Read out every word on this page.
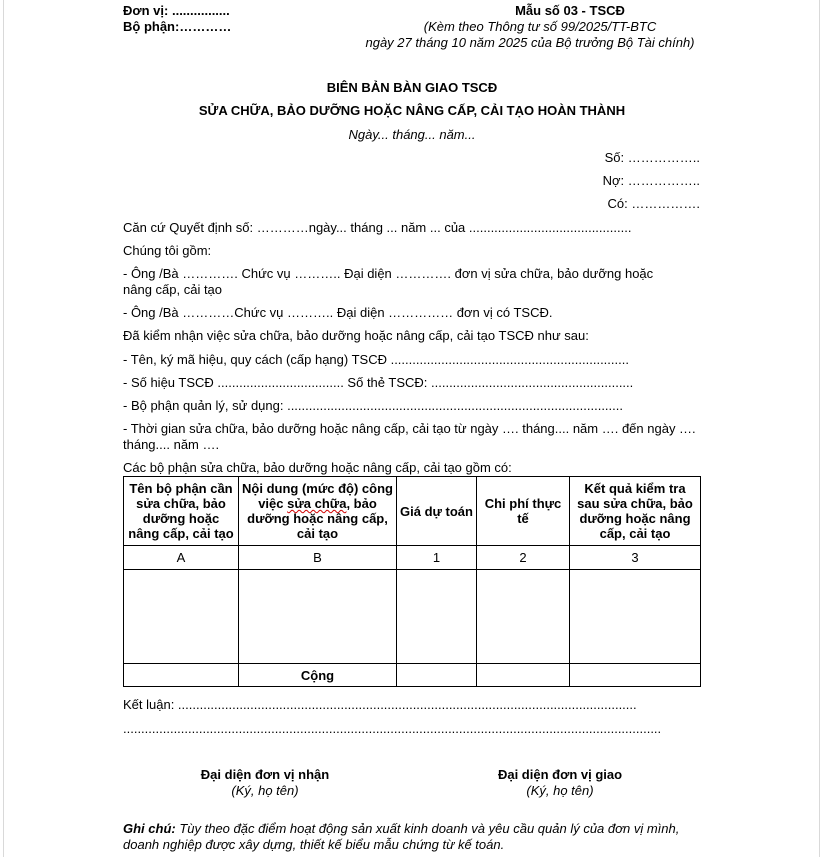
Đơn vị: ................
Bộ phận:…………
Mẫu số 03 - TSCĐ
(Kèm theo Thông tư số 99/2025/TT-BTC
ngày 27 tháng 10 năm 2025 của Bộ trưởng Bộ Tài chính)
BIÊN BẢN BÀN GIAO TSCĐ
SỬA CHỮA, BẢO DƯỠNG HOẶC NÂNG CẤP, CẢI TẠO HOÀN THÀNH
Ngày... tháng... năm...
Số: ……………..
Nợ: ……………..
Có: …………….
Căn cứ Quyết định số: …………ngày... tháng ... năm ... của .............................................
Chúng tôi gồm:
- Ông /Bà …………. Chức vụ ……….. Đại diện …………. đơn vị sửa chữa, bảo dưỡng hoặc nâng cấp, cải tạo
- Ông /Bà …………Chức vụ ……….. Đại diện …………… đơn vị có TSCĐ.
Đã kiểm nhận việc sửa chữa, bảo dưỡng hoặc nâng cấp, cải tạo TSCĐ như sau:
- Tên, ký mã hiệu, quy cách (cấp hạng) TSCĐ ..................................................................
- Số hiệu TSCĐ ................................... Số thẻ TSCĐ: ........................................................
- Bộ phận quản lý, sử dụng: .............................................................................................
- Thời gian sửa chữa, bảo dưỡng hoặc nâng cấp, cải tạo từ ngày …. tháng.... năm …. đến ngày …. tháng.... năm ….
Các bộ phận sửa chữa, bảo dưỡng hoặc nâng cấp, cải tạo gồm có:
Tên bộ phận cần sửa chữa, bảo dưỡng hoặc nâng cấp, cải tạo	Nội dung (mức độ) công việc sửa chữa, bảo dưỡng hoặc nâng cấp, cải tạo	Giá dự toán	Chi phí thực tế	Kết quả kiểm tra sau sửa chữa, bảo dưỡng hoặc nâng cấp, cải tạo
A	B	1	2	3

	Cộng			
Kết luận: ...............................................................................................................................
.....................................................................................................................................................
Đại diện đơn vị nhận
(Ký, họ tên)
Đại diện đơn vị giao
(Ký, họ tên)
Ghi chú: Tùy theo đặc điểm hoạt động sản xuất kinh doanh và yêu cầu quản lý của đơn vị mình, doanh nghiệp được xây dựng, thiết kế biểu mẫu chứng từ kế toán.
